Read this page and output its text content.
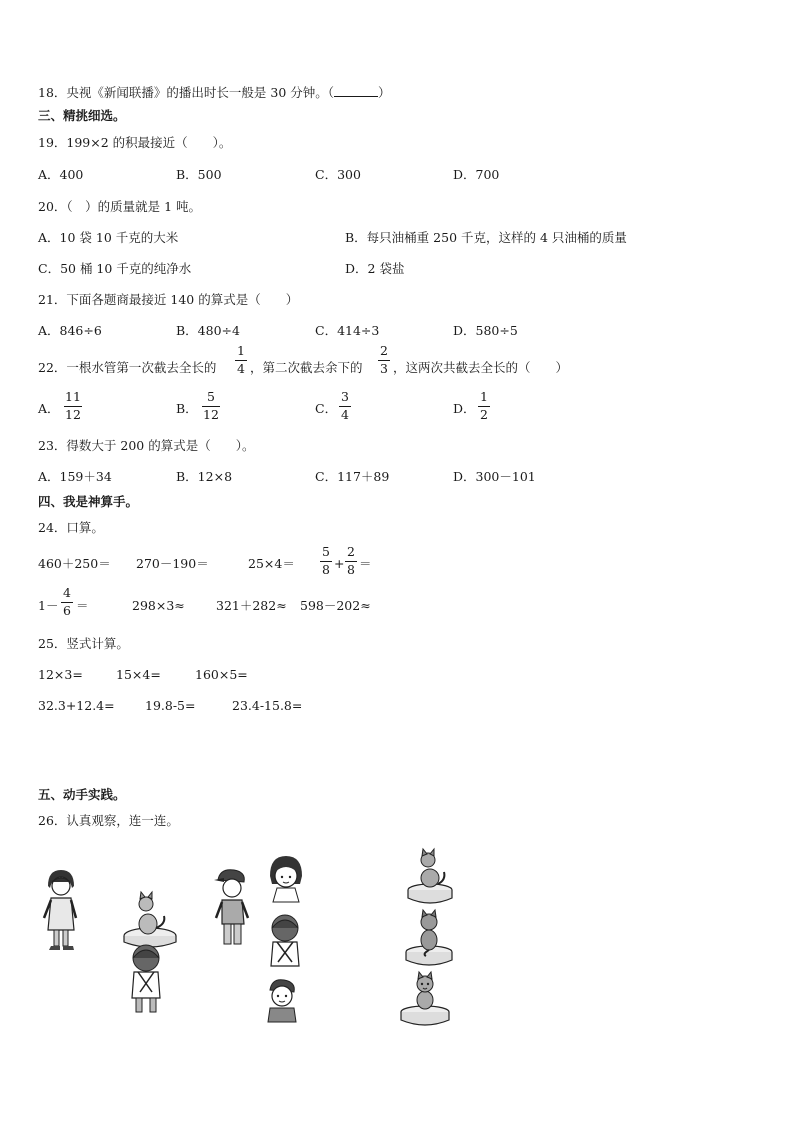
18．央视《新闻联播》的播出时长一般是 30 分钟。（	）
三、精挑细选。
19．199×2 的积最接近（　　）。
A．400	B．500	C．300	D．700
20．（　）的质量就是 1 吨。
A．10 袋 10 千克的大米	B．每只油桶重 250 千克，这样的 4 只油桶的质量
C．50 桶 10 千克的纯净水	D．2 袋盐
21．下面各题商最接近 140 的算式是（　　）
A．846÷6	B．480÷4	C．414÷3	D．580÷5
22．一根水管第一次截去全长的
1
4 ，第二次截去余下的
2
3 ，这两次共截去全长的（　　）
A．
11
12	B．
5
12	C．
3
4	D．
1
2
23．得数大于 200 的算式是（　　）。
A．159＋34	B．12×8	C．117＋89	D．300－101
四、我是神算手。
24．口算。
460＋250＝ 270－190＝	25×4＝
5
8 +
2
8 ＝
1－
4
6 ＝	298×3≈ 321＋282≈ 598－202≈
25．竖式计算。
12×3=	15×4=	160×5=
32.3+12.4= 19.8-5=	23.4-15.8=
五、动手实践。
26．认真观察，连一连。
